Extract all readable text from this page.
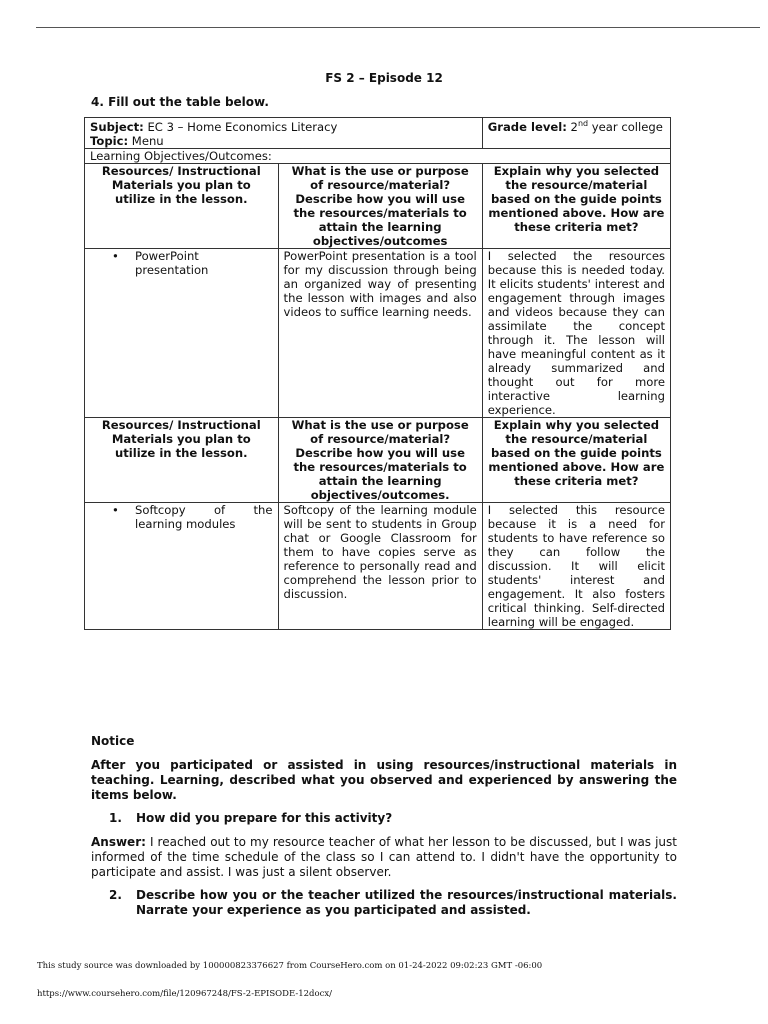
FS 2 – Episode 12
4. Fill out the table below.
Subject: EC 3 – Home Economics Literacy
Topic: Menu		Grade level: 2nd year college
Learning Objectives/Outcomes:		
Resources/ Instructional Materials you plan to utilize in the lesson.	What is the use or purpose of resource/material? Describe how you will use the resources/materials to attain the learning objectives/outcomes	Explain why you selected the resource/material based on the guide points mentioned above. How are these criteria met?

• PowerPoint presentation	PowerPoint presentation is a tool for my discussion through being an organized way of presenting the lesson with images and also videos to suffice learning needs.	I selected the resources because this is needed today. It elicits students' interest and engagement through images and videos because they can assimilate the concept through it. The lesson will have meaningful content as it already summarized and thought out for more interactive learning experience.
Resources/ Instructional Materials you plan to utilize in the lesson.	What is the use or purpose of resource/material? Describe how you will use the resources/materials to attain the learning objectives/outcomes.	Explain why you selected the resource/material based on the guide points mentioned above. How are these criteria met?

• Softcopy of the learning modules	Softcopy of the learning module will be sent to students in Group chat or Google Classroom for them to have copies serve as reference to personally read and comprehend the lesson prior to discussion.	I selected this resource because it is a need for students to have reference so they can follow the discussion. It will elicit students' interest and engagement. It also fosters critical thinking. Self-directed learning will be engaged.
Notice
After you participated or assisted in using resources/instructional materials in teaching. Learning, described what you observed and experienced by answering the items below.
1.	How did you prepare for this activity?
Answer: I reached out to my resource teacher of what her lesson to be discussed, but I was just informed of the time schedule of the class so I can attend to. I didn't have the opportunity to participate and assist. I was just a silent observer.
2.	Describe how you or the teacher utilized the resources/instructional materials. Narrate your experience as you participated and assisted.
This study source was downloaded by 100000823376627 from CourseHero.com on 01-24-2022 09:02:23 GMT -06:00
https://www.coursehero.com/file/120967248/FS-2-EPISODE-12docx/
